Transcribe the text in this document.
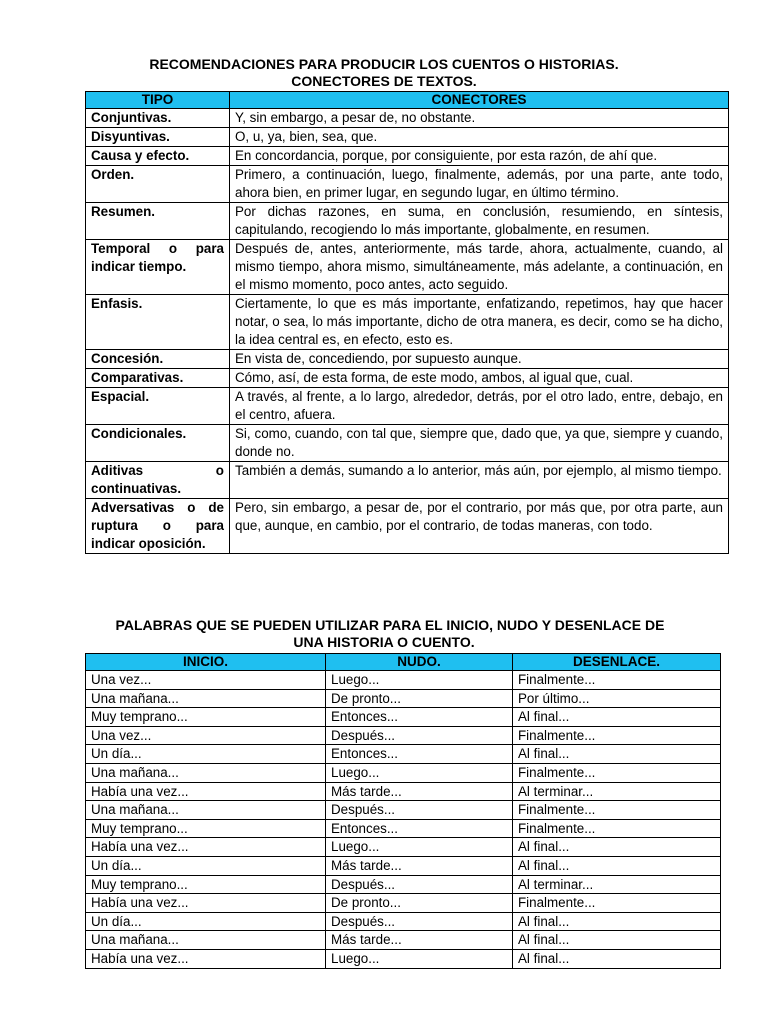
RECOMENDACIONES PARA PRODUCIR LOS CUENTOS O HISTORIAS.
CONECTORES DE TEXTOS.
TIPO	CONECTORES
Conjuntivas.	Y, sin embargo, a pesar de, no obstante.
Disyuntivas.	O, u, ya, bien, sea, que.
Causa y efecto.	En concordancia, porque, por consiguiente, por esta razón, de ahí que.
Orden.	Primero, a continuación, luego, finalmente, además, por una parte, ante todo, ahora bien, en primer lugar, en segundo lugar, en último término.
Resumen.	Por dichas razones, en suma, en conclusión, resumiendo, en síntesis, capitulando, recogiendo lo más importante, globalmente, en resumen.
Temporal o para indicar tiempo.	Después de, antes, anteriormente, más tarde, ahora, actualmente, cuando, al mismo tiempo, ahora mismo, simultáneamente, más adelante, a continuación, en el mismo momento, poco antes, acto seguido.
Enfasis.	Ciertamente, lo que es más importante, enfatizando, repetimos, hay que hacer notar, o sea, lo más importante, dicho de otra manera, es decir, como se ha dicho, la idea central es, en efecto, esto es.
Concesión.	En vista de, concediendo, por supuesto aunque.
Comparativas.	Cómo, así, de esta forma, de este modo, ambos, al igual que, cual.
Espacial.	A través, al frente, a lo largo, alrededor, detrás, por el otro lado, entre, debajo, en el centro, afuera.
Condicionales.	Si, como, cuando, con tal que, siempre que, dado que, ya que, siempre y cuando, donde no.
Aditivas o continuativas.	También a demás, sumando a lo anterior, más aún, por ejemplo, al mismo tiempo.
Adversativas o de ruptura o para indicar oposición.	Pero, sin embargo, a pesar de, por el contrario, por más que, por otra parte, aun que, aunque, en cambio, por el contrario, de todas maneras, con todo.
PALABRAS QUE SE PUEDEN UTILIZAR PARA EL INICIO, NUDO Y DESENLACE DE
UNA HISTORIA O CUENTO.
INICIO.	NUDO.	DESENLACE.
Una vez...	Luego...	Finalmente...
Una mañana...	De pronto...	Por último...
Muy temprano...	Entonces...	Al final...
Una vez...	Después...	Finalmente...
Un día...	Entonces...	Al final...
Una mañana...	Luego...	Finalmente...
Había una vez...	Más tarde...	Al terminar...
Una mañana...	Después...	Finalmente...
Muy temprano...	Entonces...	Finalmente...
Había una vez...	Luego...	Al final...
Un día...	Más tarde...	Al final...
Muy temprano...	Después...	Al terminar...
Había una vez...	De pronto...	Finalmente...
Un día...	Después...	Al final...
Una mañana...	Más tarde...	Al final...
Había una vez...	Luego...	Al final...
